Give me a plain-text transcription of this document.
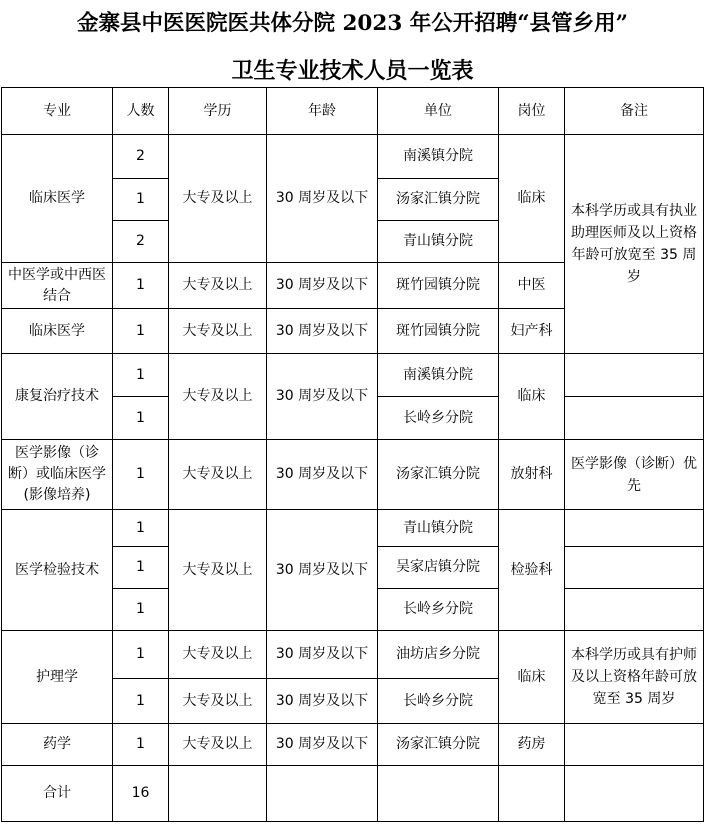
金寨县中医医院医共体分院 2023 年公开招聘“县管乡用”
卫生专业技术人员一览表
专业	人数	学历	年龄	单位	岗位	备注
临床医学	2	大专及以上	30 周岁及以下	南溪镇分院	临床	本科学历或具有执业助理医师及以上资格年龄可放宽至 35 周岁
	1			汤家汇镇分院		
	2			青山镇分院		
中医学或中西医结合	1	大专及以上	30 周岁及以下	斑竹园镇分院	中医	
临床医学	1	大专及以上	30 周岁及以下	斑竹园镇分院	妇产科	
康复治疗技术	1	大专及以上	30 周岁及以下	南溪镇分院	临床	
	1			长岭乡分院		
医学影像（诊断）或临床医学(影像培养)	1	大专及以上	30 周岁及以下	汤家汇镇分院	放射科	医学影像（诊断）优先
医学检验技术	1	大专及以上	30 周岁及以下	青山镇分院	检验科	
	1			吴家店镇分院		
	1			长岭乡分院		
护理学	1	大专及以上	30 周岁及以下	油坊店乡分院	临床	本科学历或具有护师及以上资格年龄可放宽至 35 周岁
	1	大专及以上	30 周岁及以下	长岭乡分院		
药学	1	大专及以上	30 周岁及以下	汤家汇镇分院	药房	
合计	16					
